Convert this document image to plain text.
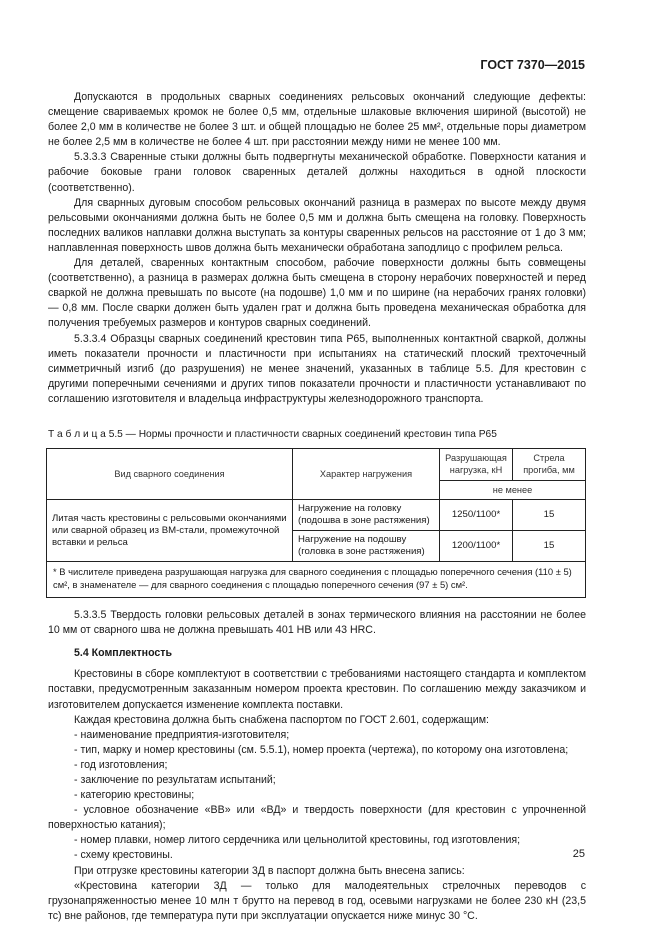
ГОСТ 7370—2015

Допускаются в продольных сварных соединениях рельсовых окончаний следующие дефекты: смещение свариваемых кромок не более 0,5 мм, отдельные шлаковые включения шириной (высотой) не более 2,0 мм в количестве не более 3 шт. и общей площадью не более 25 мм², отдельные поры диаметром не более 2,5 мм в количестве не более 4 шт. при расстоянии между ними не менее 100 мм.

5.3.3.3 Сваренные стыки должны быть подвергнуты механической обработке. Поверхности катания и рабочие боковые грани головок сваренных деталей должны находиться в одной плоскости (соответственно).

Для сварнных дуговым способом рельсовых окончаний разница в размерах по высоте между двумя рельсовыми окончаниями должна быть не более 0,5 мм и должна быть смещена на головку. Поверхность последних валиков наплавки должна выступать за контуры сваренных рельсов на расстояние от 1 до 3 мм; наплавленная поверхность швов должна быть механически обработана заподлицо с профилем рельса.

Для деталей, сваренных контактным способом, рабочие поверхности должны быть совмещены (соответственно), а разница в размерах должна быть смещена в сторону нерабочих поверхностей и перед сваркой не должна превышать по высоте (на подошве) 1,0 мм и по ширине (на нерабочих гранях головки) — 0,8 мм. После сварки должен быть удален грат и должна быть проведена механическая обработка для получения требуемых размеров и контуров сварных соединений.

5.3.3.4 Образцы сварных соединений крестовин типа Р65, выполненных контактной сваркой, должны иметь показатели прочности и пластичности при испытаниях на статический плоский трехточечный симметричный изгиб (до разрушения) не менее значений, указанных в таблице 5.5. Для крестовин с другими поперечными сечениями и других типов показатели прочности и пластичности устанавливают по соглашению изготовителя и владельца инфраструктуры железнодорожного транспорта.

Т а б л и ц а 5.5 — Нормы прочности и пластичности сварных соединений крестовин типа Р65
Вид сварного соединения	Характер нагружения	Разрушающая нагрузка, кН	Стрела прогиба, мм
		не менее	
Литая часть крестовины с рельсовыми окончаниями или сварной образец из ВМ-стали, промежуточной вставки и рельса	Нагружение на головку (подошва в зоне растяжения)	1250/1100*	15
	Нагружение на подошву (головка в зоне растяжения)	1200/1100*	15
* В числителе приведена разрушающая нагрузка для сварного соединения с площадью поперечного сечения (110 ± 5) см², в знаменателе — для сварного соединения с площадью поперечного сечения (97 ± 5) см².			

5.3.3.5 Твердость головки рельсовых деталей в зонах термического влияния на расстоянии не более 10 мм от сварного шва не должна превышать 401 НВ или 43 HRC.

5.4 Комплектность

Крестовины в сборе комплектуют в соответствии с требованиями настоящего стандарта и комплектом поставки, предусмотренным заказанным номером проекта крестовин. По соглашению между заказчиком и изготовителем допускается изменение комплекта поставки.

Каждая крестовина должна быть снабжена паспортом по ГОСТ 2.601, содержащим:

- наименование предприятия-изготовителя;

- тип, марку и номер крестовины (см. 5.5.1), номер проекта (чертежа), по которому она изготовлена;

- год изготовления;

- заключение по результатам испытаний;

- категорию крестовины;

- условное обозначение «ВВ» или «ВД» и твердость поверхности (для крестовин с упрочненной поверхностью катания);

- номер плавки, номер литого сердечника или цельнолитой крестовины, год изготовления;

- схему крестовины.

При отгрузке крестовины категории 3Д в паспорт должна быть внесена запись:

«Крестовина категории 3Д — только для малодеятельных стрелочных переводов с грузонапряженностью менее 10 млн т брутто на перевод в год, осевыми нагрузками не более 230 кН (23,5 тс) вне районов, где температура пути при эксплуатации опускается ниже минус 30 °С.

25
